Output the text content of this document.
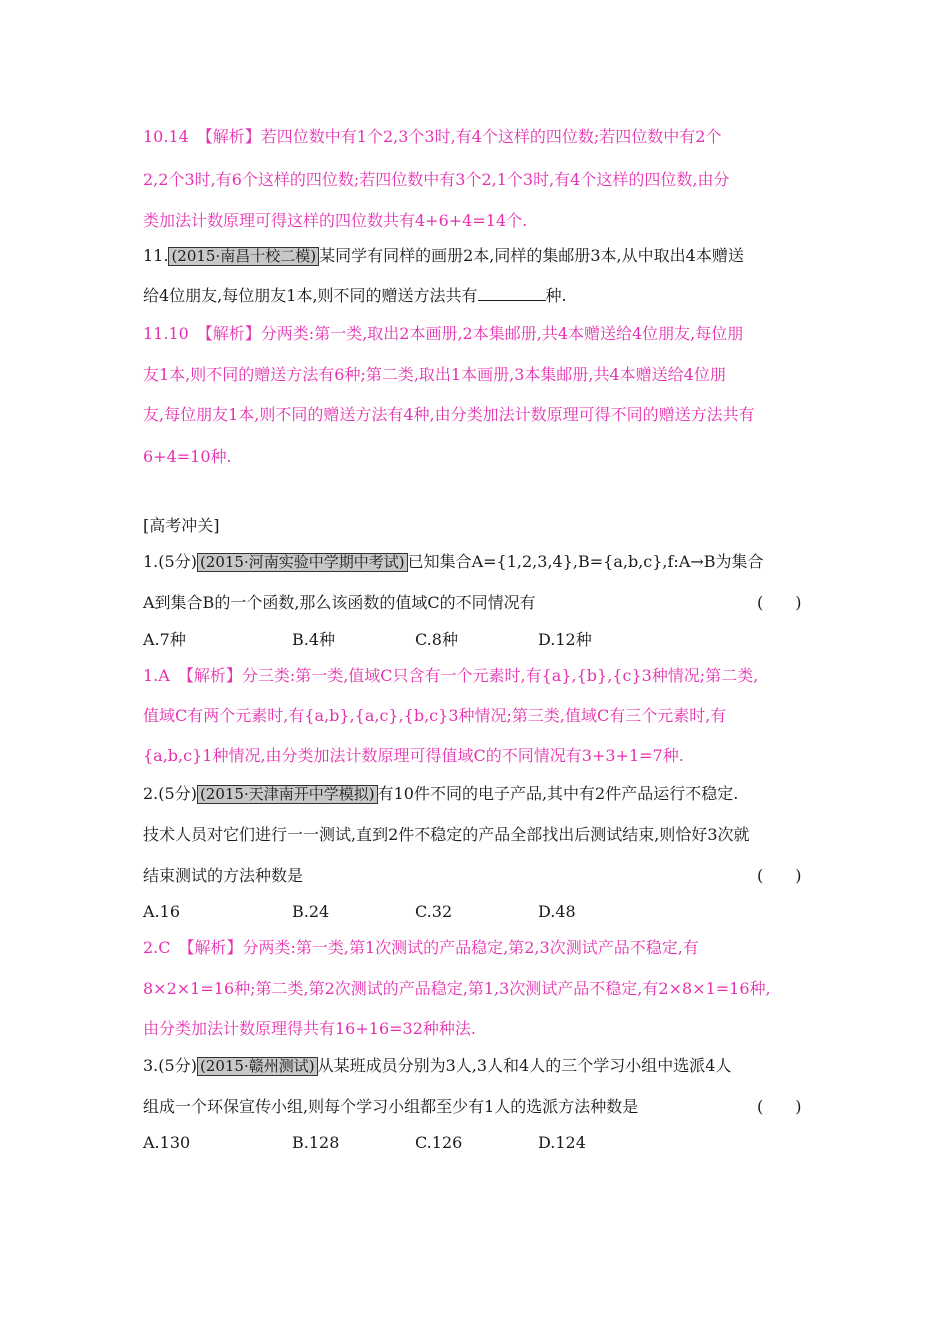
10.14　【解析】若四位数中有1个2,3个3时,有4个这样的四位数;若四位数中有2个
2,2个3时,有6个这样的四位数;若四位数中有3个2,1个3时,有4个这样的四位数,由分
类加法计数原理可得这样的四位数共有4+6+4=14个.
11. (2015·南昌十校二模) 某同学有同样的画册2本,同样的集邮册3本,从中取出4本赠送
给4位朋友,每位朋友1本,则不同的赠送方法共有	种.
11.10　【解析】分两类:第一类,取出2本画册,2本集邮册,共4本赠送给4位朋友,每位朋
友1本,则不同的赠送方法有6种;第二类,取出1本画册,3本集邮册,共4本赠送给4位朋
友,每位朋友1本,则不同的赠送方法有4种,由分类加法计数原理可得不同的赠送方法共有
6+4=10种.
[高考冲关]
1.(5分) (2015·河南实验中学期中考试) 已知集合A={1,2,3,4},B={a,b,c},f:A→B为集合
A到集合B的一个函数,那么该函数的值域C的不同情况有	(　　)
A.7种	B.4种	C.8种	D.12种
1.A　【解析】分三类:第一类,值域C只含有一个元素时,有{a},{b},{c}3种情况;第二类,
值域C有两个元素时,有{a,b},{a,c},{b,c}3种情况;第三类,值域C有三个元素时,有
{a,b,c}1种情况,由分类加法计数原理可得值域C的不同情况有3+3+1=7种.
2.(5分) (2015·天津南开中学模拟) 有10件不同的电子产品,其中有2件产品运行不稳定.
技术人员对它们进行一一测试,直到2件不稳定的产品全部找出后测试结束,则恰好3次就
结束测试的方法种数是	(　　)
A.16	B.24	C.32	D.48
2.C　【解析】分两类:第一类,第1次测试的产品稳定,第2,3次测试产品不稳定,有
8×2×1=16种;第二类,第2次测试的产品稳定,第1,3次测试产品不稳定,有2×8×1=16种,
由分类加法计数原理得共有16+16=32种种法.
3.(5分) (2015·赣州测试) 从某班成员分别为3人,3人和4人的三个学习小组中选派4人
组成一个环保宣传小组,则每个学习小组都至少有1人的选派方法种数是	(　　)
A.130	B.128	C.126	D.124
